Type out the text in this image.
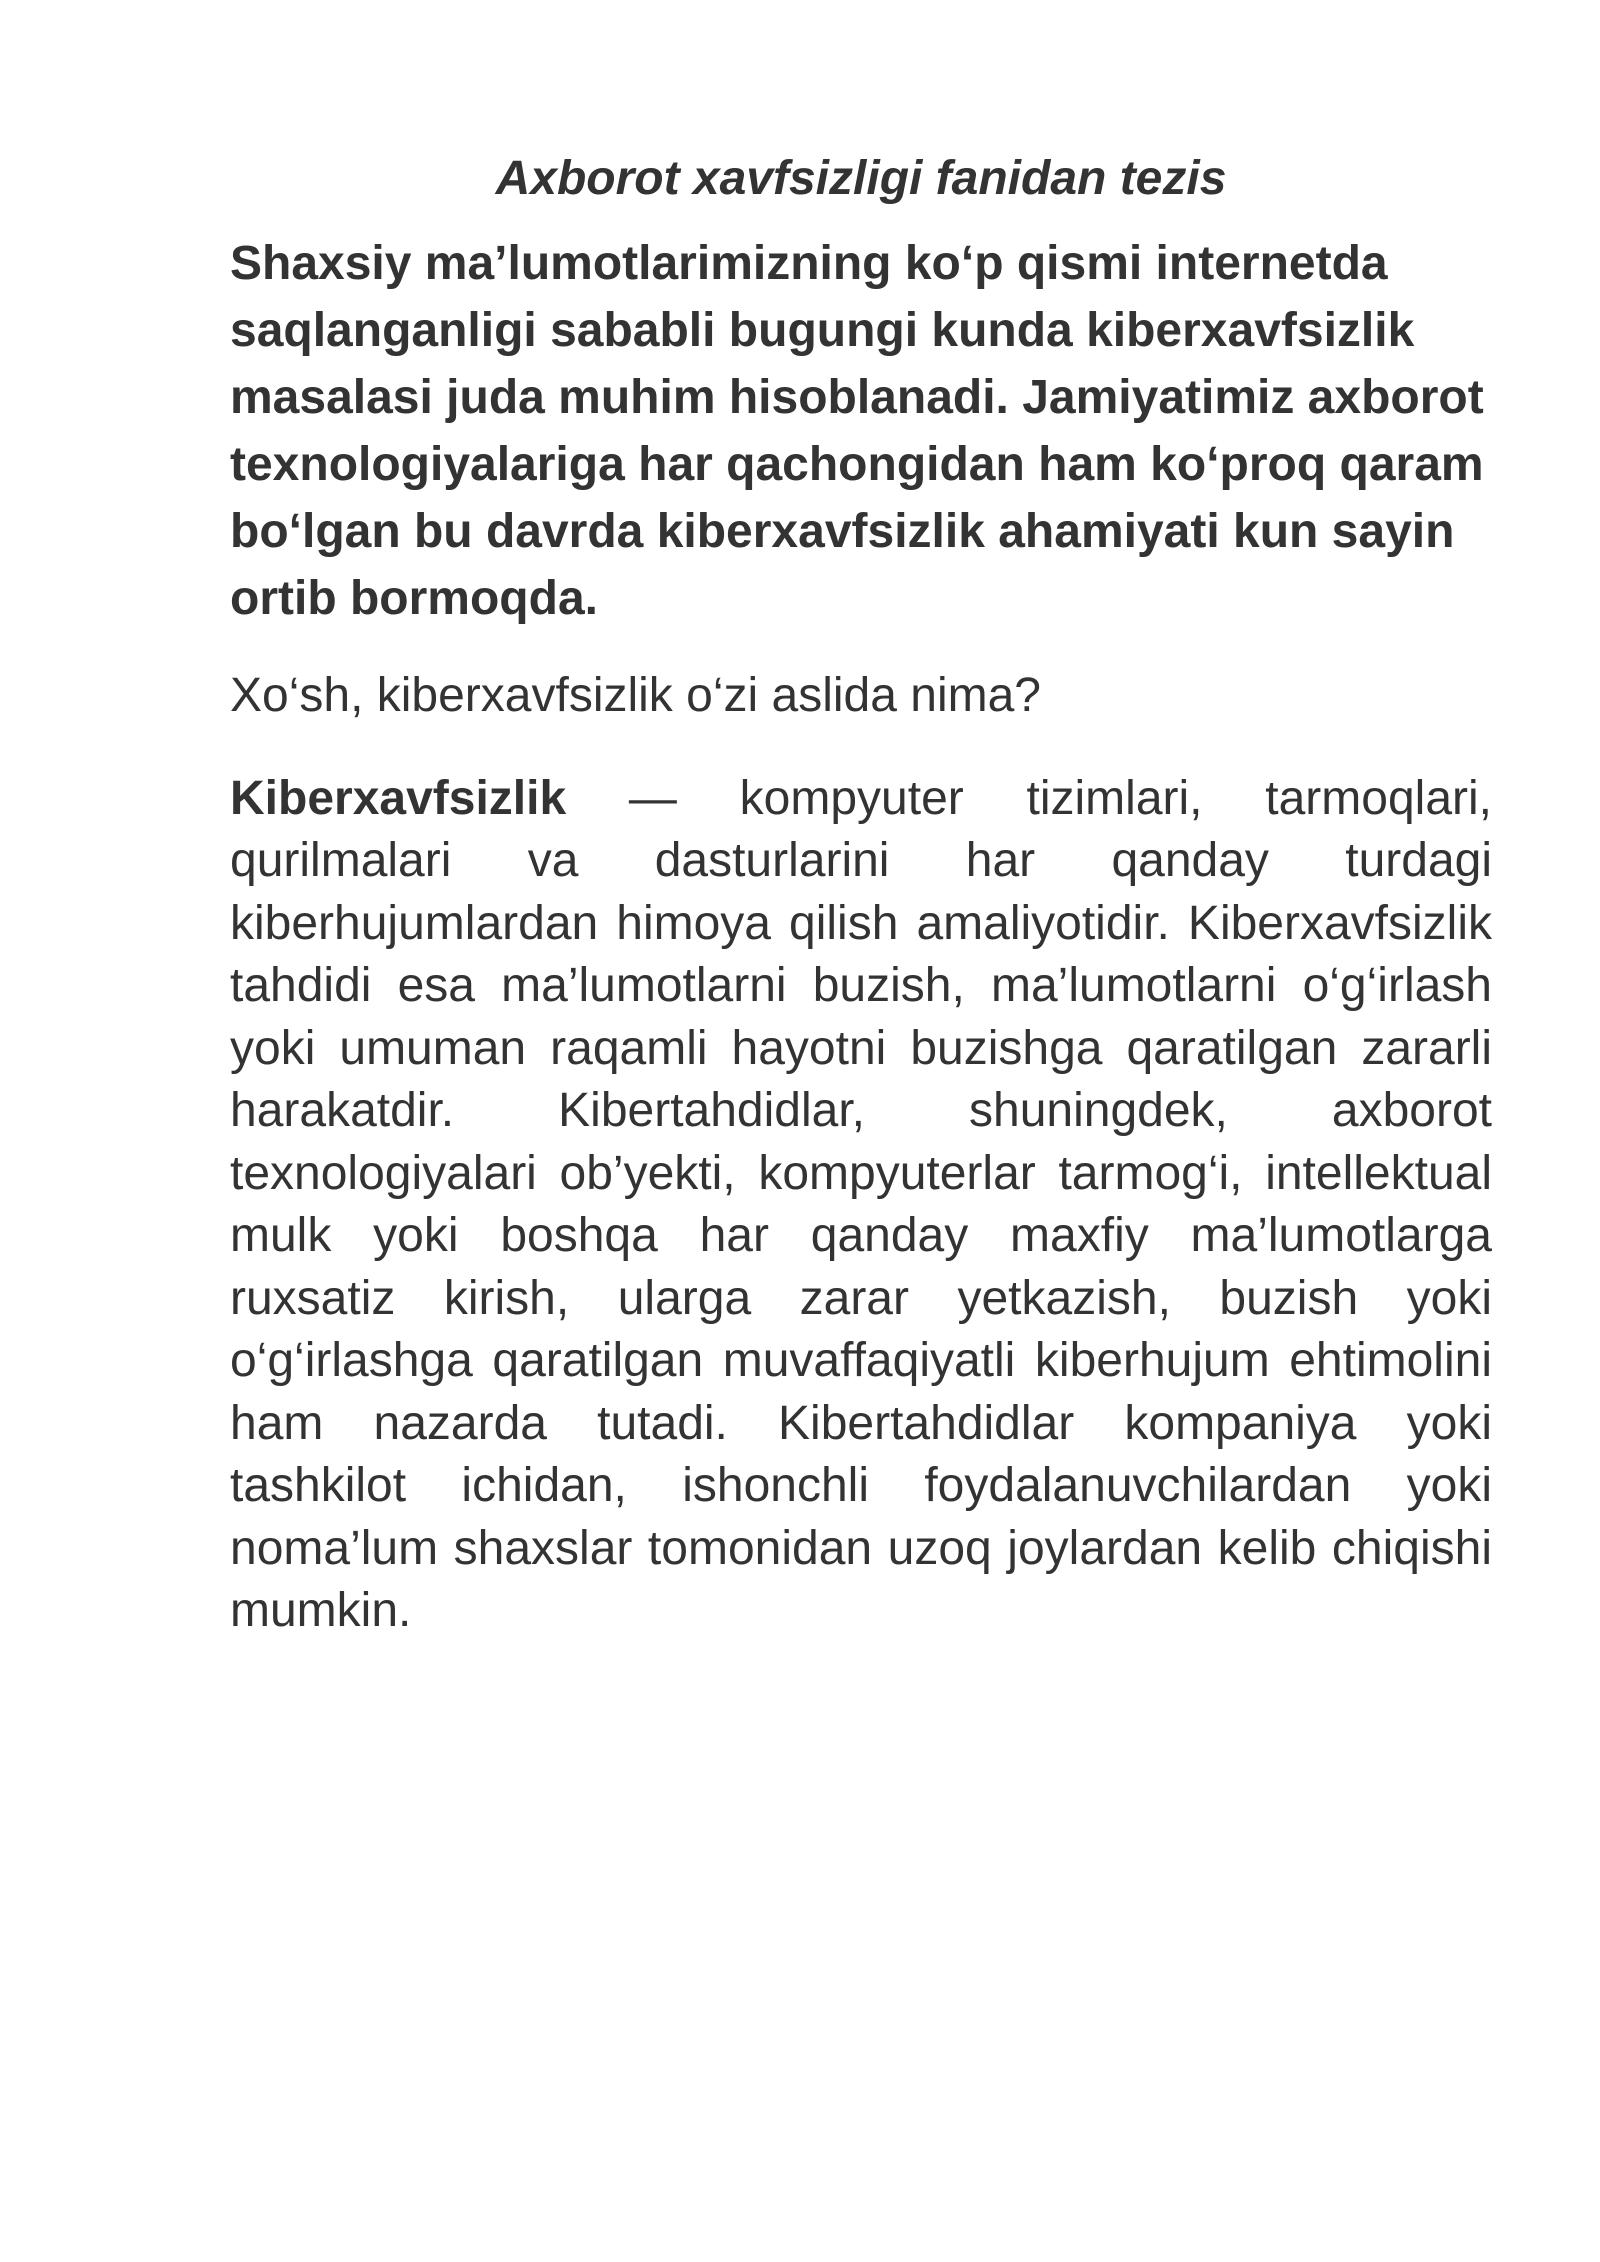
Axborot xavfsizligi fanidan tezis

Shaxsiy ma’lumotlarimizning ko‘p qismi internetda saqlanganligi sababli bugungi kunda kiberxavfsizlik masalasi juda muhim hisoblanadi. Jamiyatimiz axborot texnologiyalariga har qachongidan ham ko‘proq qaram bo‘lgan bu davrda kiberxavfsizlik ahamiyati kun sayin ortib bormoqda.

Xo‘sh, kiberxavfsizlik o‘zi aslida nima?

Kiberxavfsizlik — kompyuter tizimlari, tarmoqlari, qurilmalari va dasturlarini har qanday turdagi kiberhujumlardan himoya qilish amaliyotidir. Kiberxavfsizlik tahdidi esa ma’lumotlarni buzish, ma’lumotlarni o‘g‘irlash yoki umuman raqamli hayotni buzishga qaratilgan zararli harakatdir. Kibertahdidlar, shuningdek, axborot texnologiyalari ob’yekti, kompyuterlar tarmog‘i, intellektual mulk yoki boshqa har qanday maxfiy ma’lumotlarga ruxsatiz kirish, ularga zarar yetkazish, buzish yoki o‘g‘irlashga qaratilgan muvaffaqiyatli kiberhujum ehtimolini ham nazarda tutadi. Kibertahdidlar kompaniya yoki tashkilot ichidan, ishonchli foydalanuvchilardan yoki noma’lum shaxslar tomonidan uzoq joylardan kelib chiqishi mumkin.
